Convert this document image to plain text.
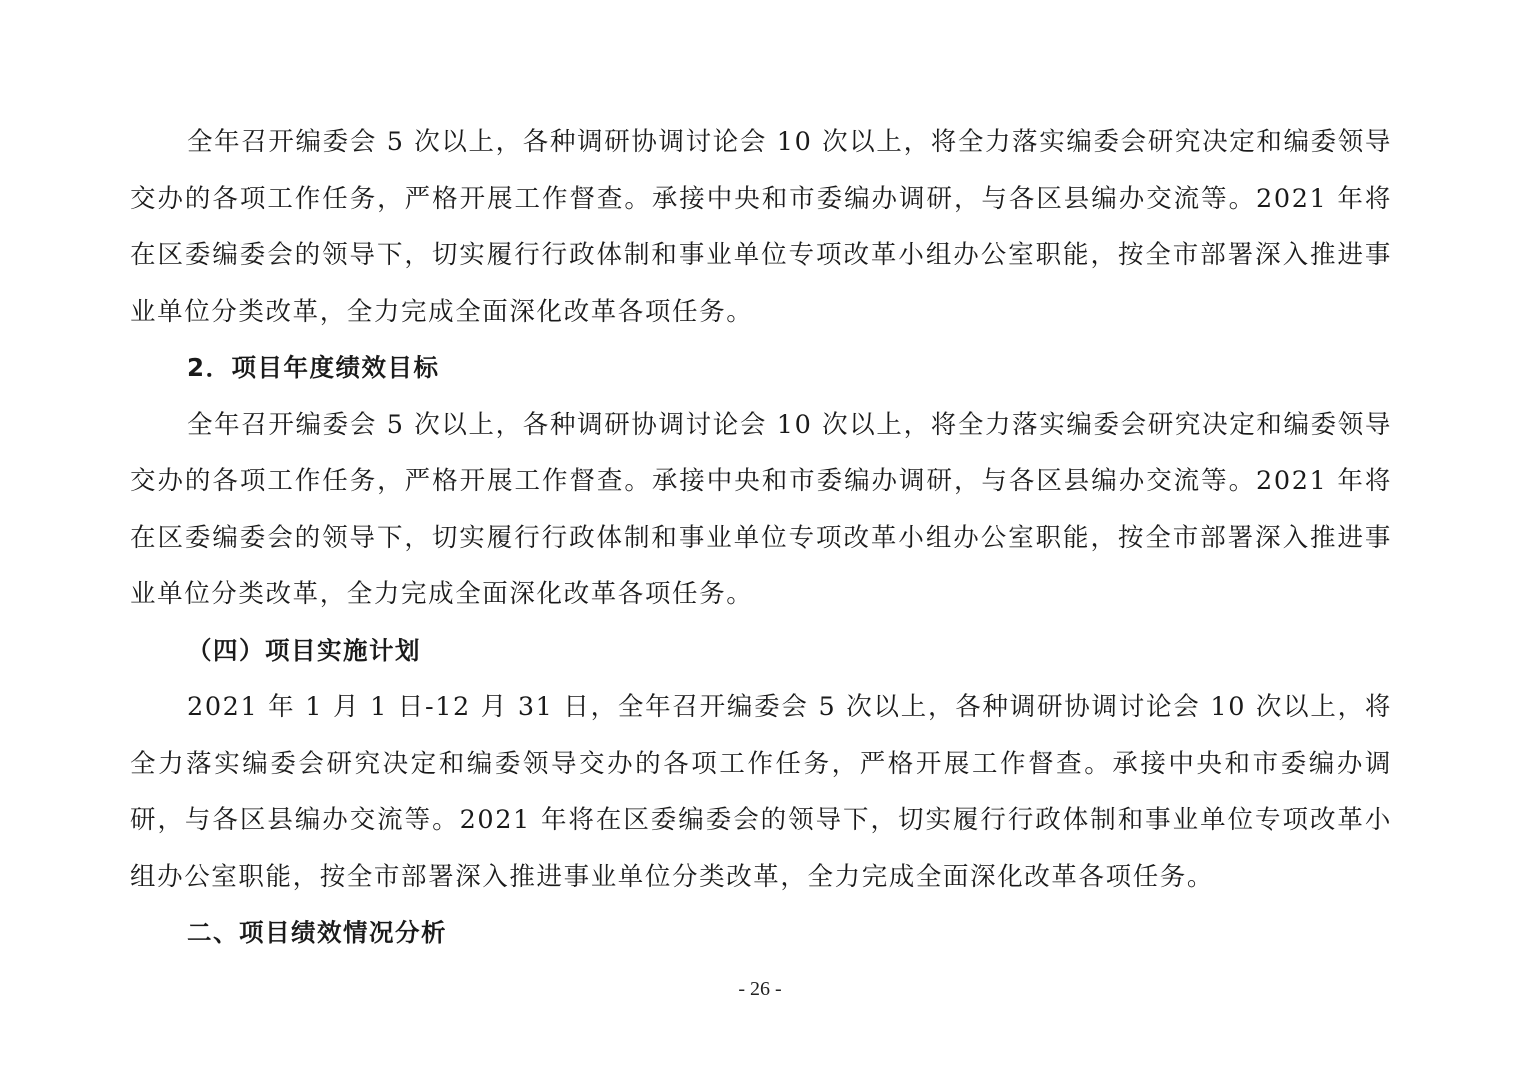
全年召开编委会 5 次以上，各种调研协调讨论会 10 次以上，将全力落实编委会研究决定和编委领导交办的各项工作任务，严格开展工作督查。承接中央和市委编办调研，与各区县编办交流等。2021 年将在区委编委会的领导下，切实履行行政体制和事业单位专项改革小组办公室职能，按全市部署深入推进事业单位分类改革，全力完成全面深化改革各项任务。

2．项目年度绩效目标

全年召开编委会 5 次以上，各种调研协调讨论会 10 次以上，将全力落实编委会研究决定和编委领导交办的各项工作任务，严格开展工作督查。承接中央和市委编办调研，与各区县编办交流等。2021 年将在区委编委会的领导下，切实履行行政体制和事业单位专项改革小组办公室职能，按全市部署深入推进事业单位分类改革，全力完成全面深化改革各项任务。

（四）项目实施计划

2021 年 1 月 1 日-12 月 31 日，全年召开编委会 5 次以上，各种调研协调讨论会 10 次以上，将全力落实编委会研究决定和编委领导交办的各项工作任务，严格开展工作督查。承接中央和市委编办调研，与各区县编办交流等。2021 年将在区委编委会的领导下，切实履行行政体制和事业单位专项改革小组办公室职能，按全市部署深入推进事业单位分类改革，全力完成全面深化改革各项任务。

二、项目绩效情况分析

- 26 -
